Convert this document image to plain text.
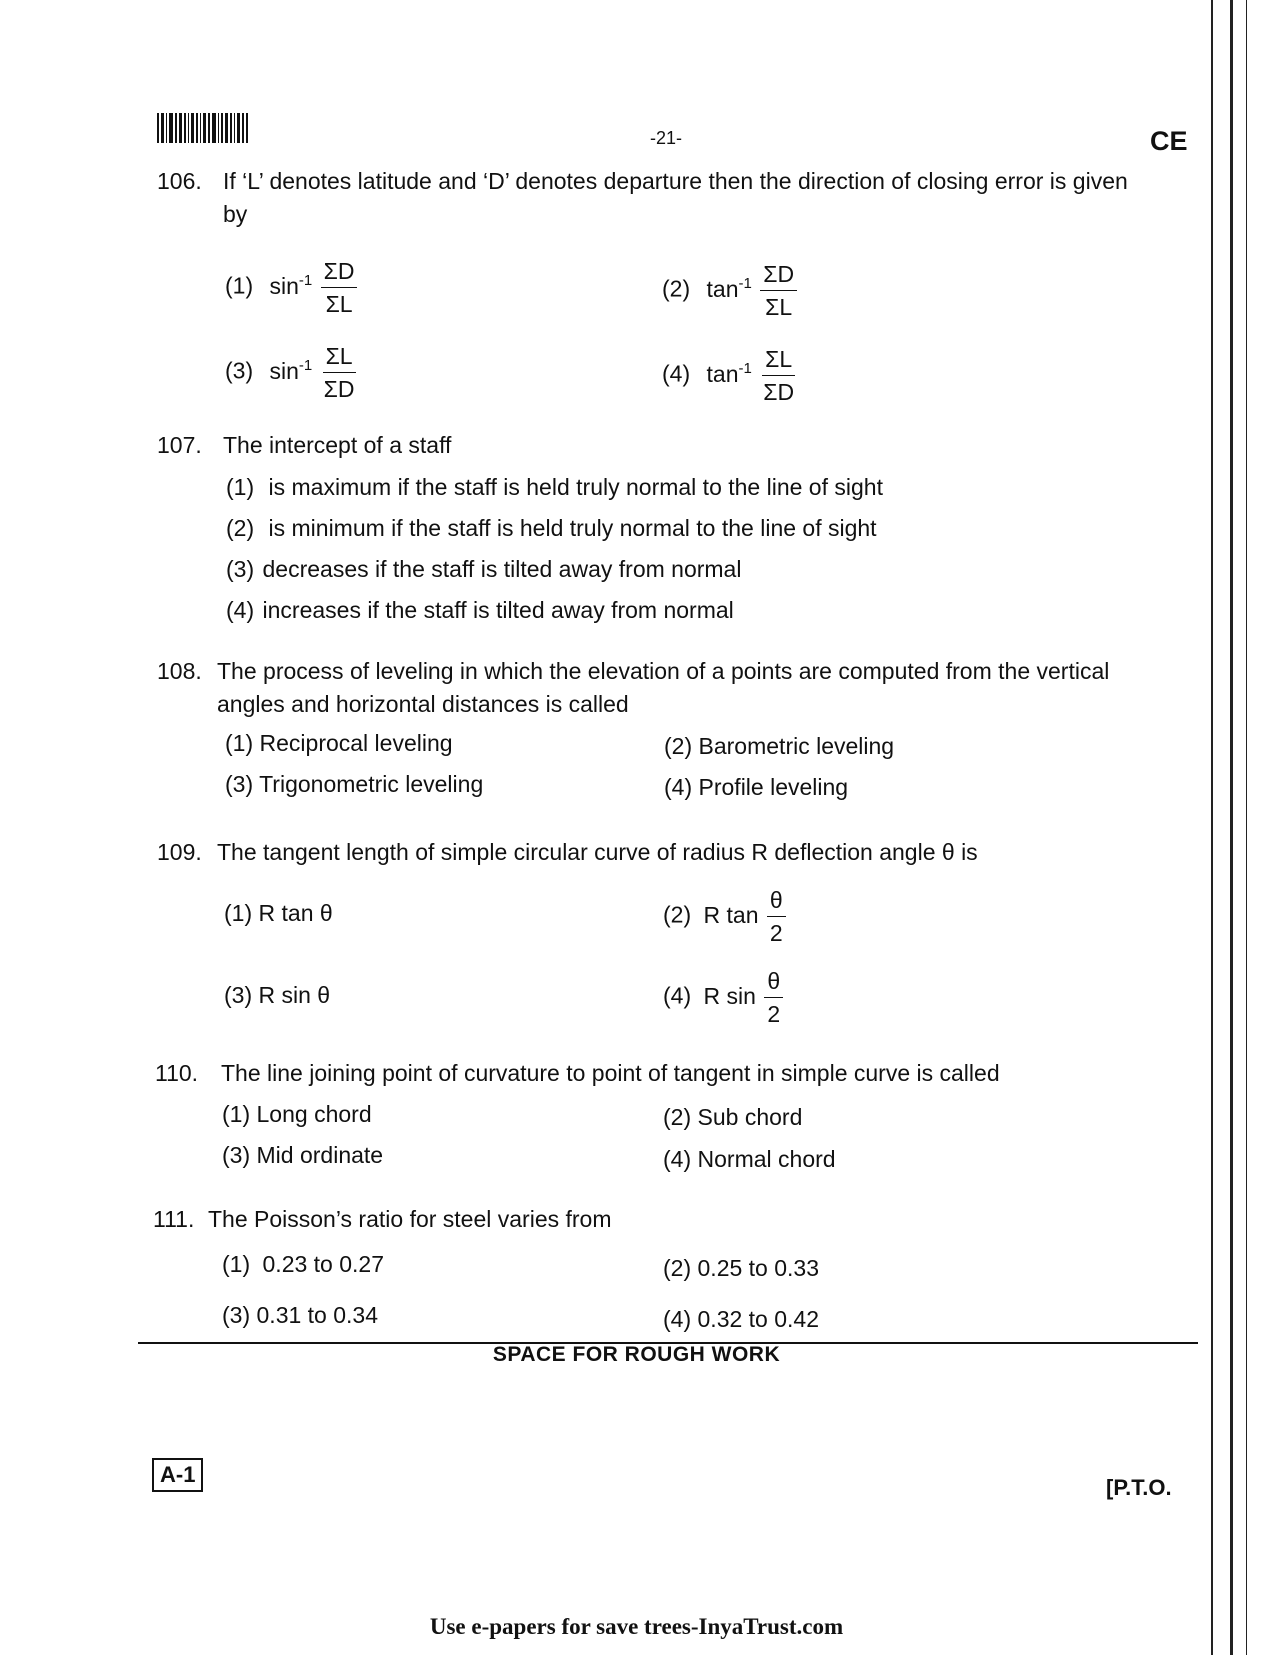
-21-	CE
106. If ‘L’ denotes latitude and ‘D’ denotes departure then the direction of closing error is given by
(1) $\sin^{-1} \frac{\Sigma D}{\Sigma L}$	(2) $\tan^{-1} \frac{\Sigma D}{\Sigma L}$
(3) $\sin^{-1} \frac{\Sigma L}{\Sigma D}$	(4) $\tan^{-1} \frac{\Sigma L}{\Sigma D}$
107. The intercept of a staff
(1) is maximum if the staff is held truly normal to the line of sight
(2) is minimum if the staff is held truly normal to the line of sight
(3) decreases if the staff is tilted away from normal
(4) increases if the staff is tilted away from normal
108. The process of leveling in which the elevation of a points are computed from the vertical angles and horizontal distances is called
(1) Reciprocal leveling	(2) Barometric leveling
(3) Trigonometric leveling	(4) Profile leveling
109. The tangent length of simple circular curve of radius R deflection angle θ is
(1) R tan θ	(2) R $\tan \frac{\theta}{2}$
(3) R sin θ	(4) R $\sin \frac{\theta}{2}$
110. The line joining point of curvature to point of tangent in simple curve is called
(1) Long chord	(2) Sub chord
(3) Mid ordinate	(4) Normal chord
111. The Poisson’s ratio for steel varies from
(1) 0.23 to 0.27	(2) 0.25 to 0.33
(3) 0.31 to 0.34	(4) 0.32 to 0.42
SPACE FOR ROUGH WORK
A-1
[P.T.O.
Use e-papers for save trees-InyaTrust.com
